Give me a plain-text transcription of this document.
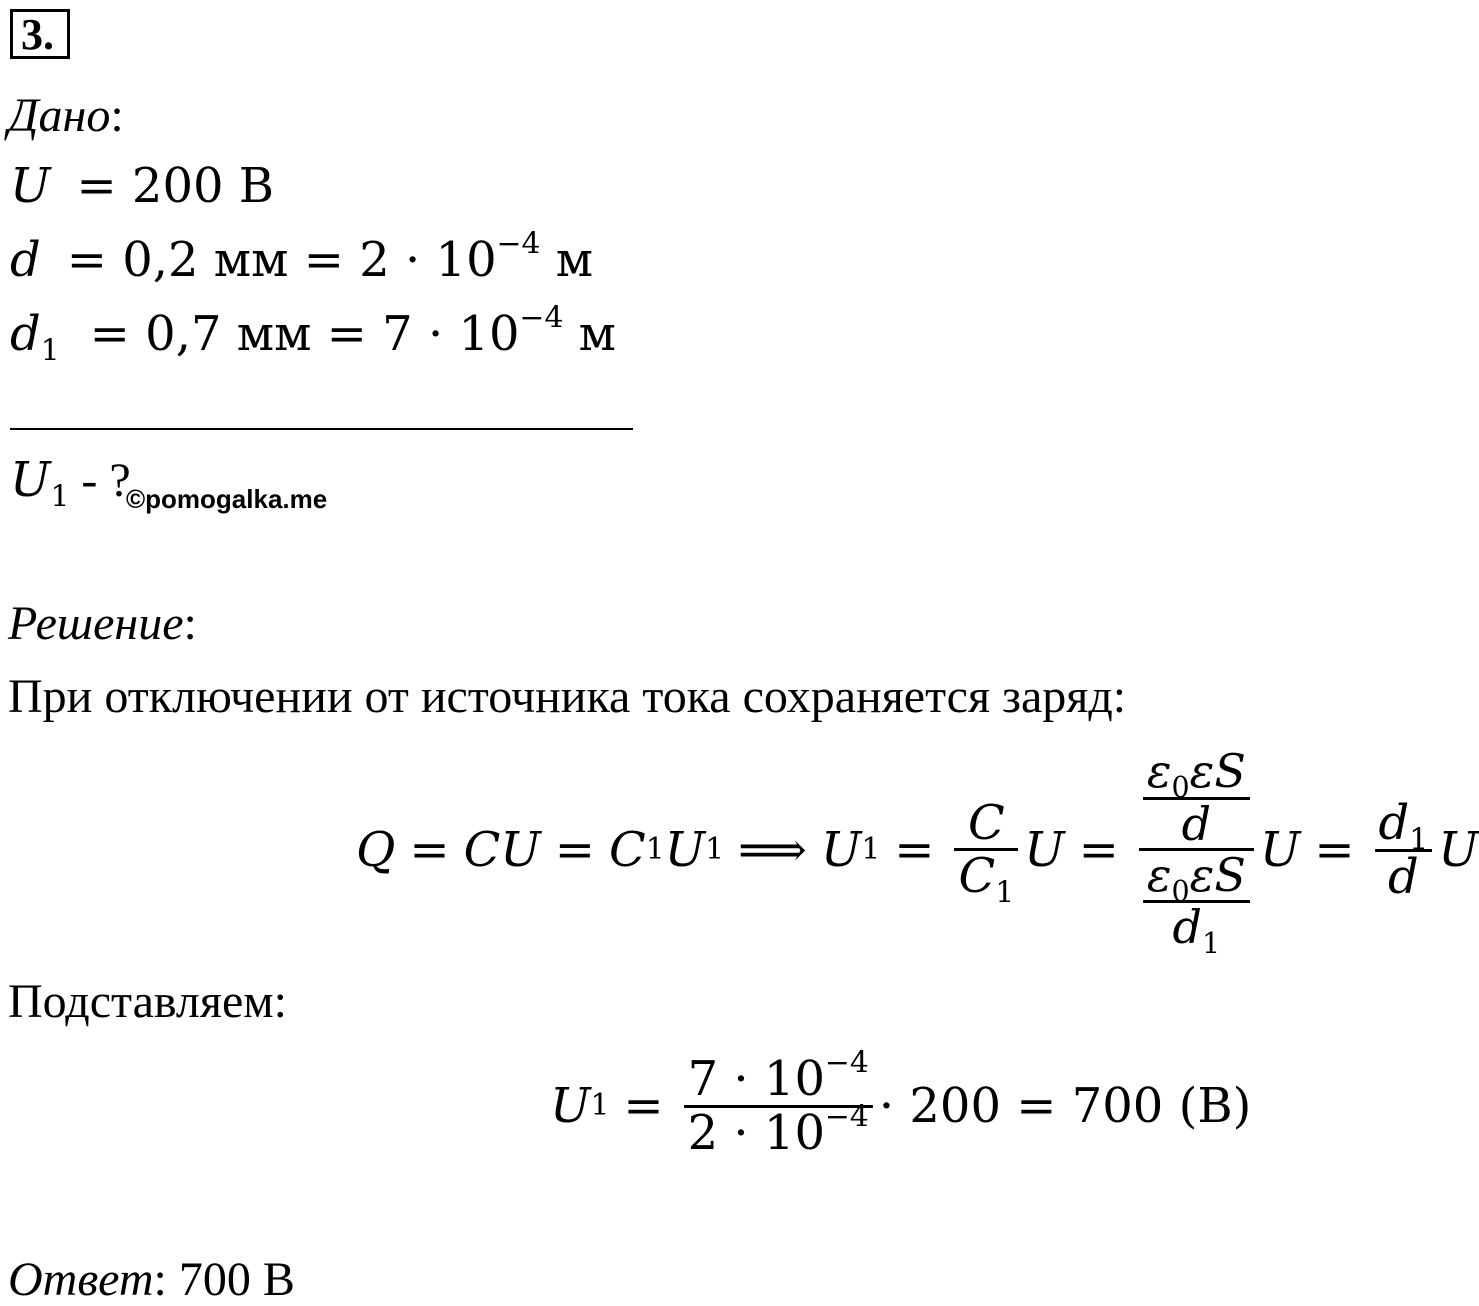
3.
Дано:
U = 200 В
d = 0,2 мм = $2 \cdot 10^{-4}$ м
$d_1 = 0,7$ мм = $7 \cdot 10^{-4}$ м
$U_1$ - ?
©pomogalka.me
Решение:
При отключении от источника тока сохраняется заряд:
Q = CU = C 1 U 1 ⟹ U $1 = \frac{C}{C_1}$ $U = \frac{\frac{\varepsilon_0\varepsilon S}{d}}{\frac{\varepsilon_0\varepsilon S}{d_1}}$ $U = \frac{d_1}{d}$ U
Подставляем:
U $1 = \frac{7 \cdot 10^{-4}}{2 \cdot 10^{-4}} \cdot 200 = 700$ (В)
Ответ: 700 В
